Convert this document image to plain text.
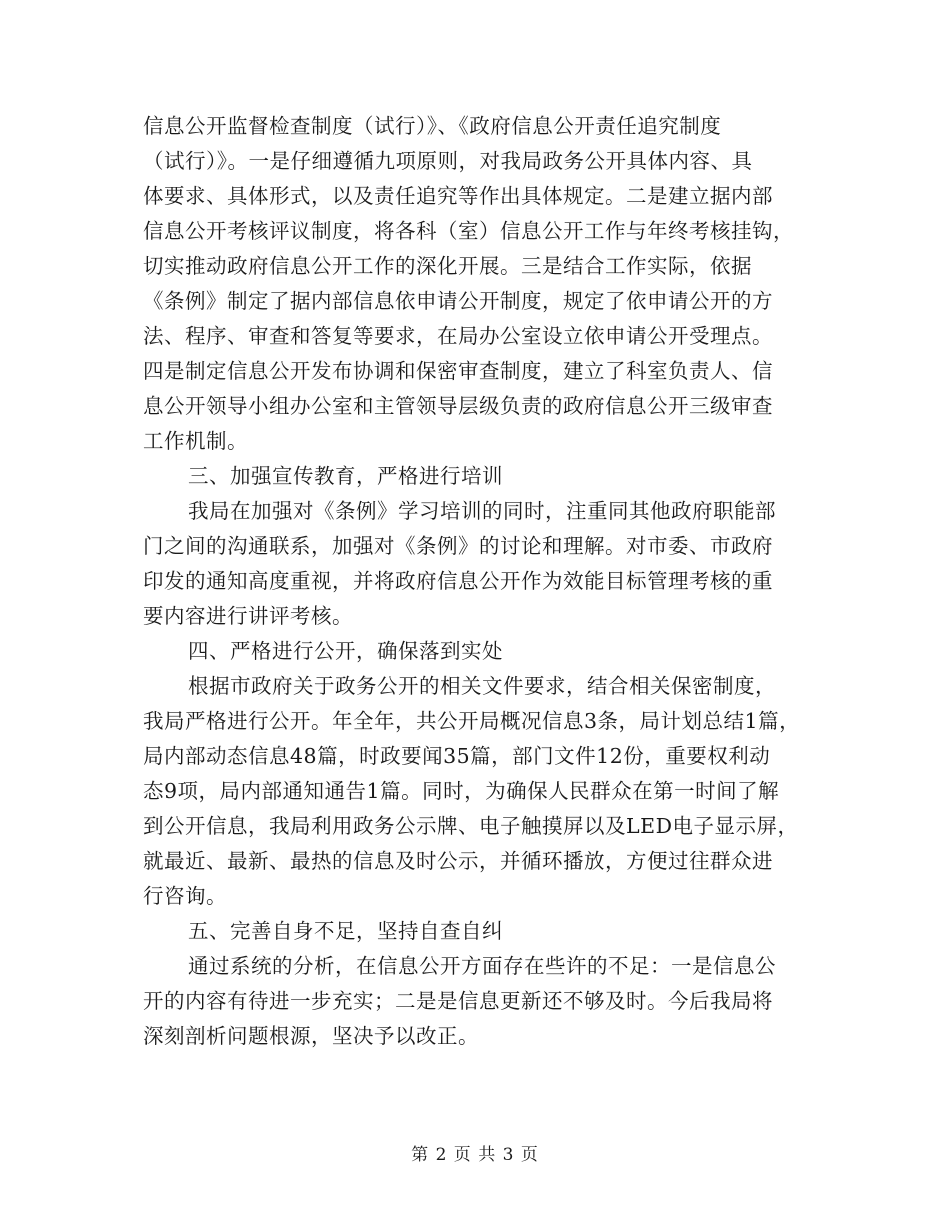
信息公开监督检查制度（试行）》、《政府信息公开责任追究制度
（试行）》。一是仔细遵循九项原则，对我局政务公开具体内容、具
体要求、具体形式，以及责任追究等作出具体规定。二是建立据内部
信息公开考核评议制度，将各科（室）信息公开工作与年终考核挂钩，
切实推动政府信息公开工作的深化开展。三是结合工作实际，依据
《条例》制定了据内部信息依申请公开制度，规定了依申请公开的方
法、程序、审查和答复等要求，在局办公室设立依申请公开受理点。
四是制定信息公开发布协调和保密审查制度，建立了科室负责人、信
息公开领导小组办公室和主管领导层级负责的政府信息公开三级审查
工作机制。
三、加强宣传教育，严格进行培训
我局在加强对《条例》学习培训的同时，注重同其他政府职能部
门之间的沟通联系，加强对《条例》的讨论和理解。对市委、市政府
印发的通知高度重视，并将政府信息公开作为效能目标管理考核的重
要内容进行讲评考核。
四、严格进行公开，确保落到实处
根据市政府关于政务公开的相关文件要求，结合相关保密制度，
我局严格进行公开。年全年，共公开局概况信息3条，局计划总结1篇，
局内部动态信息48篇，时政要闻35篇，部门文件12份，重要权利动
态9项，局内部通知通告1篇。同时，为确保人民群众在第一时间了解
到公开信息，我局利用政务公示牌、电子触摸屏以及LED电子显示屏，
就最近、最新、最热的信息及时公示，并循环播放，方便过往群众进
行咨询。
五、完善自身不足，坚持自查自纠
通过系统的分析，在信息公开方面存在些许的不足：一是信息公
开的内容有待进一步充实；二是是信息更新还不够及时。今后我局将
深刻剖析问题根源，坚决予以改正。
第 2 页 共 3 页
